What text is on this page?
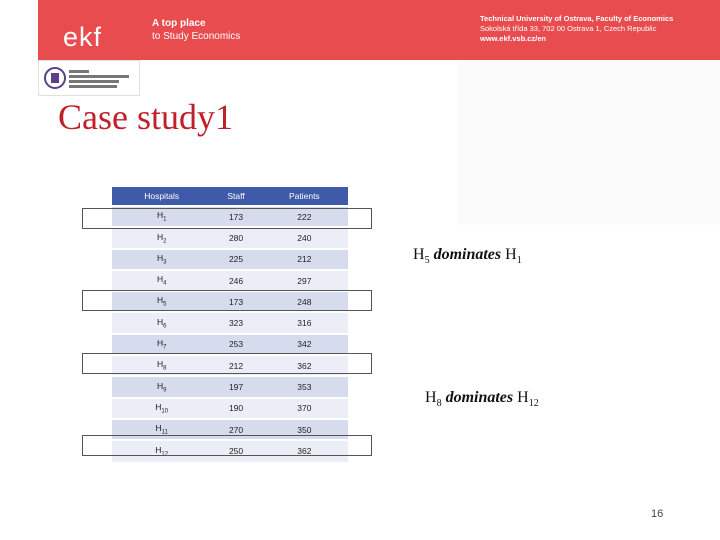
ekf	A top place
to Study Economics
Technical University of Ostrava, Faculty of Economics
Sokolská třída 33, 702 00 Ostrava 1, Czech Republic
www.ekf.vsb.cz/en
Case study1
Hospitals	Staff	Patients
$H_1$	173	222
$H_2$	280	240
$H_3$	225	212
$H_4$	246	297
$H_5$	173	248
$H_6$	323	316
$H_7$	253	342
$H_8$	212	362
$H_9$	197	353
$H_{10}$	190	370
$H_{11}$	270	350
$H_{12}$	250	362
$H_5$ dominates $H_1$
$H_8$ dominates $H_{12}$
16
